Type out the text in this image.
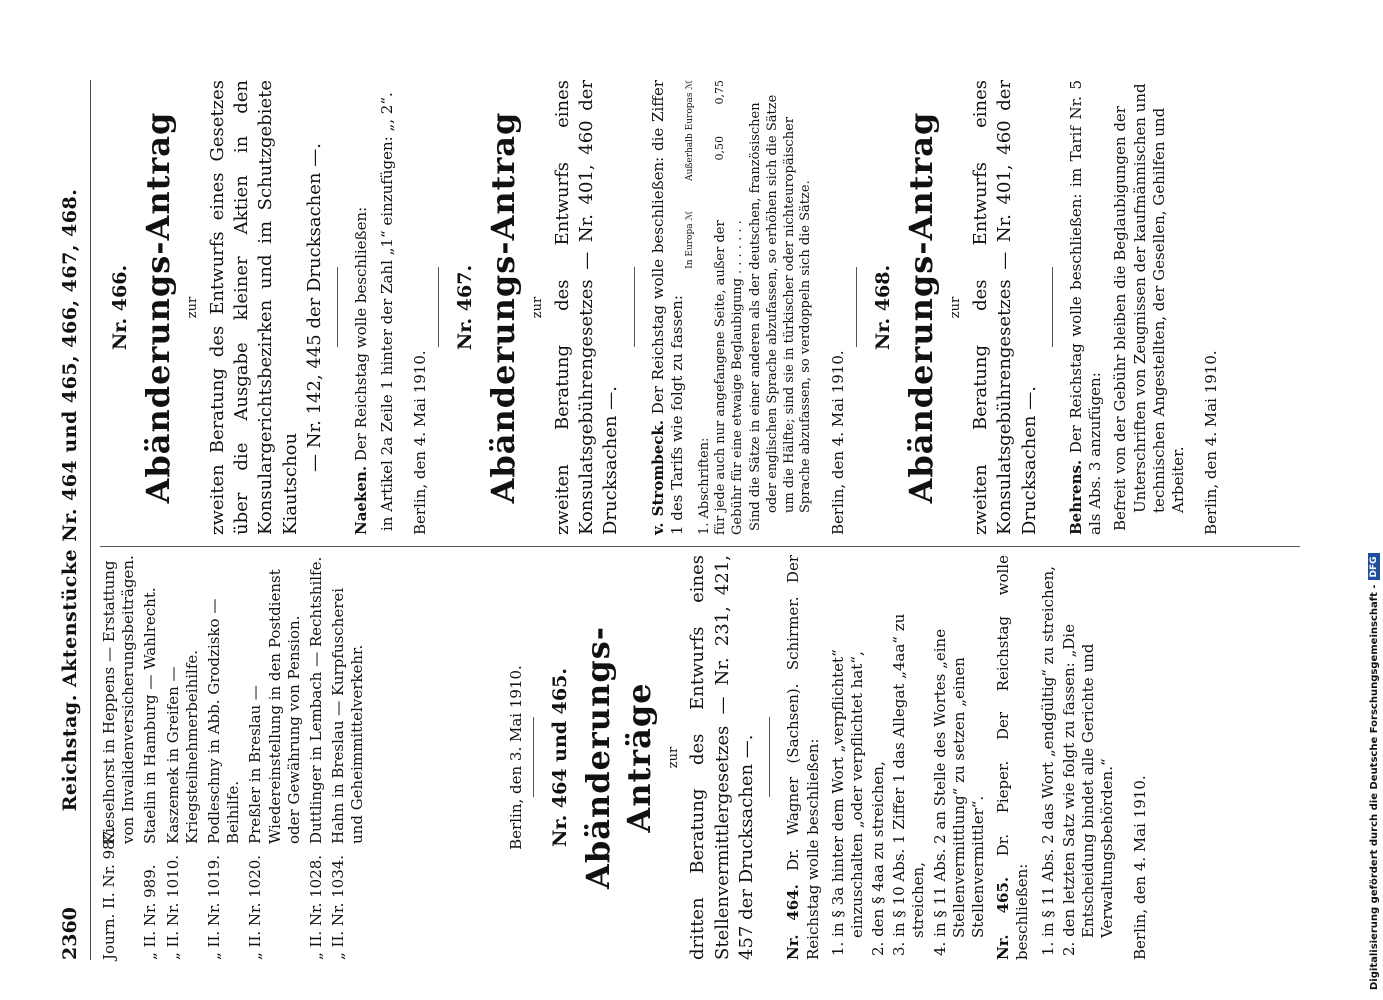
2360
Reichstag. Aktenstücke Nr. 464 und 465, 466, 467, 468.
Journ. II. Nr. 987.
Kieselhorst in Heppens — Erstattung von Invalidenversicherungsbeiträgen.
„ II. Nr. 989.
Staelin in Hamburg — Wahlrecht.
„ II. Nr. 1010.
Kaszemek in Greifen — Kriegsteilnehmerbeihilfe.
„ II. Nr. 1019.
Podleschny in Abb. Grodzisko — Beihilfe.
„ II. Nr. 1020.
Preßler in Breslau — Wiedereinstellung in den Postdienst oder Gewährung von Pension.
„ II. Nr. 1028.
Duttlinger in Lembach — Rechtshilfe.
„ II. Nr. 1034.
Hahn in Breslau — Kurpfuscherei und Geheimmittelverkehr.	Berlin, den 3. Mai 1910. Nr. 464 und 465. Abänderungs-Anträge zur dritten Beratung des Entwurfs eines Stellenvermittlergesetzes — Nr. 231, 421, 457 der Drucksachen —. Nr. 464. Dr. Wagner (Sachsen). Schirmer. Der Reichstag wolle beschließen: 1. in § 3a hinter dem Wort „verpflichtet“ einzuschalten „oder verpflichtet hat“, 2. den § 4aa zu streichen, 3. in § 10 Abs. 1 Ziffer 1 das Allegat „4aa“ zu streichen, 4. in § 11 Abs. 2 an Stelle des Wortes „eine Stellenvermittlung“ zu setzen „einen Stellenvermittler“. Nr. 465. Dr. Pieper. Der Reichstag wolle beschließen: 1. in § 11 Abs. 2 das Wort „endgültig“ zu streichen, 2. den letzten Satz wie folgt zu fassen: „Die Entscheidung bindet alle Gerichte und Verwaltungsbehörden.“ Berlin, den 4. Mai 1910.
Nr. 466. Abänderungs-Antrag zur zweiten Beratung des Entwurfs eines Gesetzes über die Ausgabe kleiner Aktien in den Konsulargerichtsbezirken und im Schutzgebiete Kiautschou
— Nr. 142, 445 der Drucksachen —.
Naeken. Der Reichstag wolle beschließen: in Artikel 2a Zeile 1 hinter der Zahl „1“ einzufügen: „, 2“. Berlin, den 4. Mai 1910.
Nr. 467. Abänderungs-Antrag zur zweiten Beratung des Entwurfs eines Konsulatsgebührengesetzes — Nr. 401, 460 der Drucksachen —. v. Strombeck. Der Reichstag wolle beschließen: die Ziffer 1 des Tarifs wie folgt zu fassen:
In Europa ℳ
Außerhalb Europas ℳ
1. Abschriften: für jede auch nur angefangene Seite, außer der Gebühr für eine etwaige Beglaubigung . . . . . . .
0,50
0,75
Sind die Sätze in einer anderen als der deutschen, französischen oder englischen Sprache abzufassen, so erhöhen sich die Sätze um die Hälfte; sind sie in türkischer oder nichteuropäischer Sprache abzufassen, so verdoppeln sich die Sätze. Berlin, den 4. Mai 1910.
Nr. 468. Abänderungs-Antrag zur zweiten Beratung des Entwurfs eines Konsulatsgebührengesetzes — Nr. 401, 460 der Drucksachen —. Behrens. Der Reichstag wolle beschließen: im Tarif Nr. 5 als Abs. 3 anzufügen: Befreit von der Gebühr bleiben die Beglaubigungen der Unterschriften von Zeugnissen der kaufmännischen und technischen Angestellten, der Gesellen, Gehilfen und Arbeiter. Berlin, den 4. Mai 1910.
Digitalisierung gefördert durch die Deutsche Forschungsgemeinschaft -
DFG
